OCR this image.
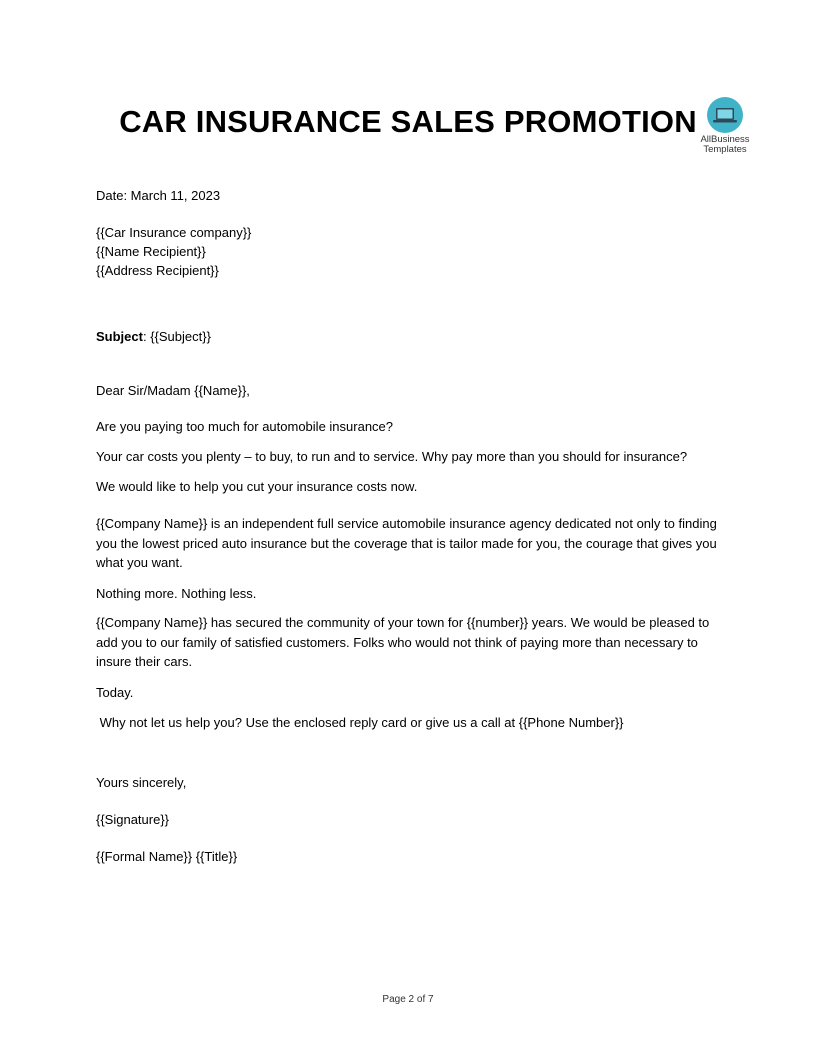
CAR INSURANCE SALES PROMOTION
AllBusiness
Templates
Date: March 11, 2023
{{Car Insurance company}}
{{Name Recipient}}
{{Address Recipient}}
Subject: {{Subject}}
Dear Sir/Madam {{Name}},
Are you paying too much for automobile insurance?
Your car costs you plenty – to buy, to run and to service. Why pay more than you should for insurance?
We would like to help you cut your insurance costs now.
{{Company Name}} is an independent full service automobile insurance agency dedicated not only to finding you the lowest priced auto insurance but the coverage that is tailor made for you, the courage that gives you what you want.
Nothing more. Nothing less.
{{Company Name}} has secured the community of your town for {{number}} years. We would be pleased to add you to our family of satisfied customers. Folks who would not think of paying more than necessary to insure their cars.
Today.
Why not let us help you? Use the enclosed reply card or give us a call at {{Phone Number}}
Yours sincerely,
{{Signature}}
{{Formal Name}} {{Title}}
Page 2 of 7
